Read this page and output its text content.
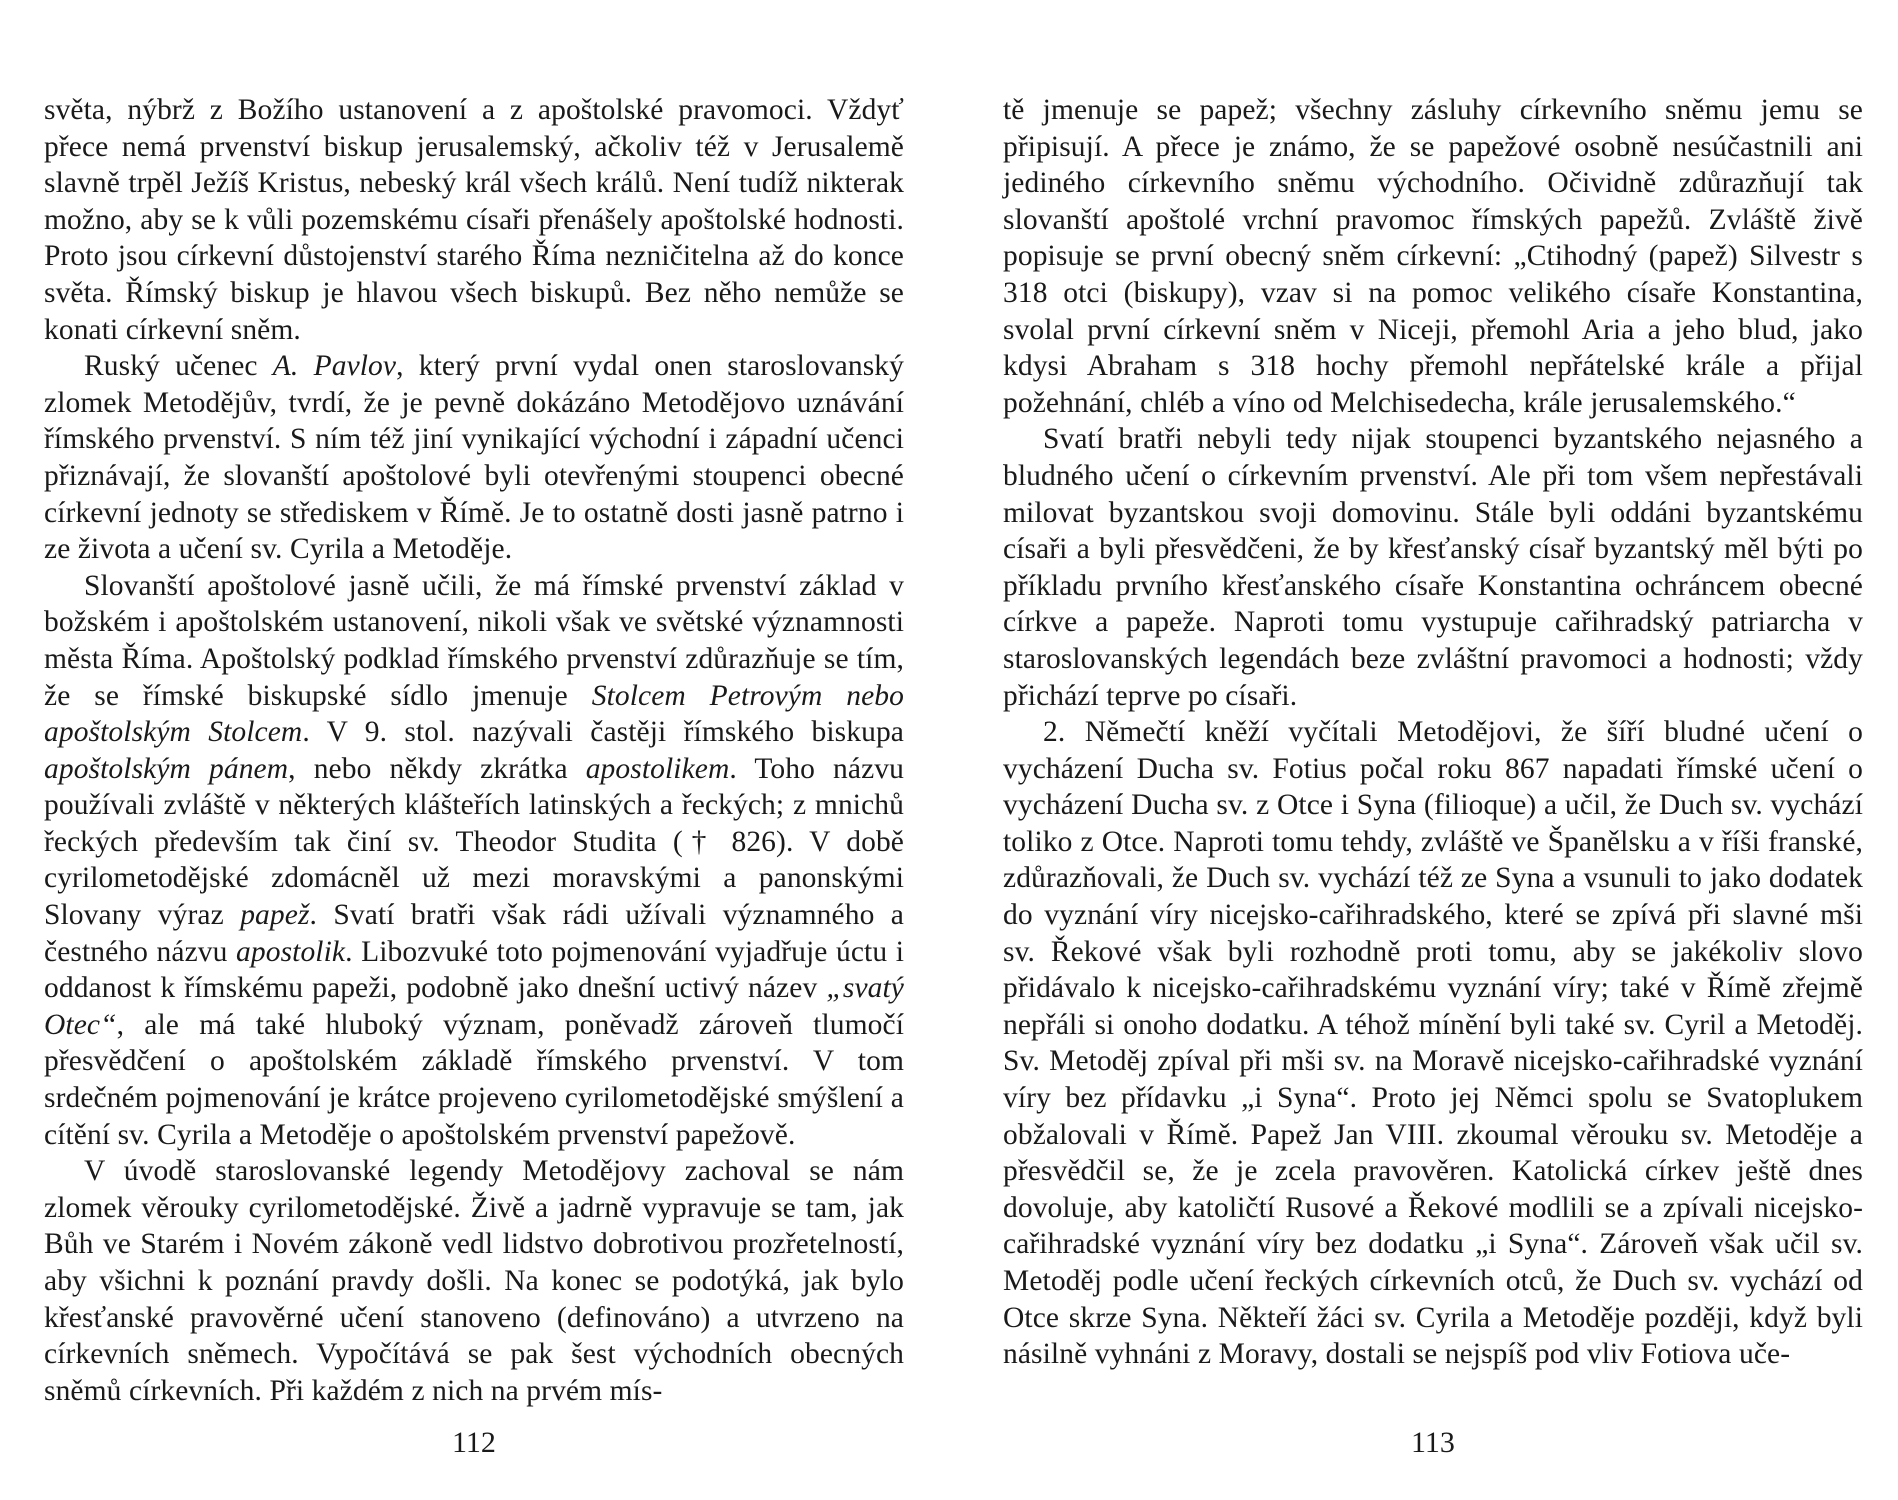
světa, nýbrž z Božího ustanovení a z apoštolské pravomoci. Vždyť přece nemá prvenství biskup jerusalemský, ačkoliv též v Jerusalemě slavně trpěl Ježíš Kristus, nebeský král všech králů. Není tudíž nikterak možno, aby se k vůli pozemskému císaři přenášely apoštolské hodnosti. Proto jsou církevní důstojenství starého Říma nezničitelna až do konce světa. Římský biskup je hlavou všech biskupů. Bez něho nemůže se konati církevní sněm.

Ruský učenec A. Pavlov, který první vydal onen staroslovanský zlomek Metodějův, tvrdí, že je pevně dokázáno Metodějovo uznávání římského prvenství. S ním též jiní vynikající východní i západní učenci přiznávají, že slovanští apoštolové byli otevřenými stoupenci obecné církevní jednoty se střediskem v Římě. Je to ostatně dosti jasně patrno i ze života a učení sv. Cyrila a Metoděje.

Slovanští apoštolové jasně učili, že má římské prvenství základ v božském i apoštolském ustanovení, nikoli však ve světské významnosti města Říma. Apoštolský podklad římského prvenství zdůrazňuje se tím, že se římské biskupské sídlo jmenuje Stolcem Petrovým nebo apoštolským Stolcem. V 9. stol. nazývali častěji římského biskupa apoštolským pánem, nebo někdy zkrátka apostolikem. Toho názvu používali zvláště v některých klášteřích latinských a řeckých; z mnichů řeckých především tak činí sv. Theodor Studita († 826). V době cyrilometodějské zdomácněl už mezi moravskými a panonskými Slovany výraz papež. Svatí bratři však rádi užívali významného a čestného názvu apostolik. Libozvuké toto pojmenování vyjadřuje úctu i oddanost k římskému papeži, podobně jako dnešní uctivý název „svatý Otec“, ale má také hluboký význam, poněvadž zároveň tlumočí přesvědčení o apoštolském základě římského prvenství. V tom srdečném pojmenování je krátce projeveno cyrilometodějské smýšlení a cítění sv. Cyrila a Metoděje o apoštolském prvenství papežově.

V úvodě staroslovanské legendy Metodějovy zachoval se nám zlomek věrouky cyrilometodějské. Živě a jadrně vypravuje se tam, jak Bůh ve Starém i Novém zákoně vedl lidstvo dobrotivou prozřetelností, aby všichni k poznání pravdy došli. Na konec se podotýká, jak bylo křesťanské pravověrné učení stanoveno (definováno) a utvrzeno na církevních sněmech. Vypočítává se pak šest východních obecných sněmů církevních. Při každém z nich na prvém mís-

112

tě jmenuje se papež; všechny zásluhy církevního sněmu jemu se připisují. A přece je známo, že se papežové osobně nesúčastnili ani jediného církevního sněmu východního. Očividně zdůrazňují tak slovanští apoštolé vrchní pravomoc římských papežů. Zvláště živě popisuje se první obecný sněm církevní: „Ctihodný (papež) Silvestr s 318 otci (biskupy), vzav si na pomoc velikého císaře Konstantina, svolal první církevní sněm v Niceji, přemohl Aria a jeho blud, jako kdysi Abraham s 318 hochy přemohl nepřátelské krále a přijal požehnání, chléb a víno od Melchisedecha, krále jerusalemského.“

Svatí bratři nebyli tedy nijak stoupenci byzantského nejasného a bludného učení o církevním prvenství. Ale při tom všem nepřestávali milovat byzantskou svoji domovinu. Stále byli oddáni byzantskému císaři a byli přesvědčeni, že by křesťanský císař byzantský měl býti po příkladu prvního křesťanského císaře Konstantina ochráncem obecné církve a papeže. Naproti tomu vystupuje cařihradský patriarcha v staroslovanských legendách beze zvláštní pravomoci a hodnosti; vždy přichází teprve po císaři.

2. Němečtí kněží vyčítali Metodějovi, že šíří bludné učení o vycházení Ducha sv. Fotius počal roku 867 napadati římské učení o vycházení Ducha sv. z Otce i Syna (filioque) a učil, že Duch sv. vychází toliko z Otce. Naproti tomu tehdy, zvláště ve Španělsku a v říši franské, zdůrazňovali, že Duch sv. vychází též ze Syna a vsunuli to jako dodatek do vyznání víry nicejsko-cařihradského, které se zpívá při slavné mši sv. Řekové však byli rozhodně proti tomu, aby se jakékoliv slovo přidávalo k nicejsko-cařihradskému vyznání víry; také v Římě zřejmě nepřáli si onoho dodatku. A téhož mínění byli také sv. Cyril a Metoděj. Sv. Metoděj zpíval při mši sv. na Moravě nicejsko-cařihradské vyznání víry bez přídavku „i Syna“. Proto jej Němci spolu se Svatoplukem obžalovali v Římě. Papež Jan VIII. zkoumal věrouku sv. Metoděje a přesvědčil se, že je zcela pravověren. Katolická církev ještě dnes dovoluje, aby katoličtí Rusové a Řekové modlili se a zpívali nicejsko-cařihradské vyznání víry bez dodatku „i Syna“. Zároveň však učil sv. Metoděj podle učení řeckých církevních otců, že Duch sv. vychází od Otce skrze Syna. Někteří žáci sv. Cyrila a Metoděje později, když byli násilně vyhnáni z Moravy, dostali se nejspíš pod vliv Fotiova uče-

113
